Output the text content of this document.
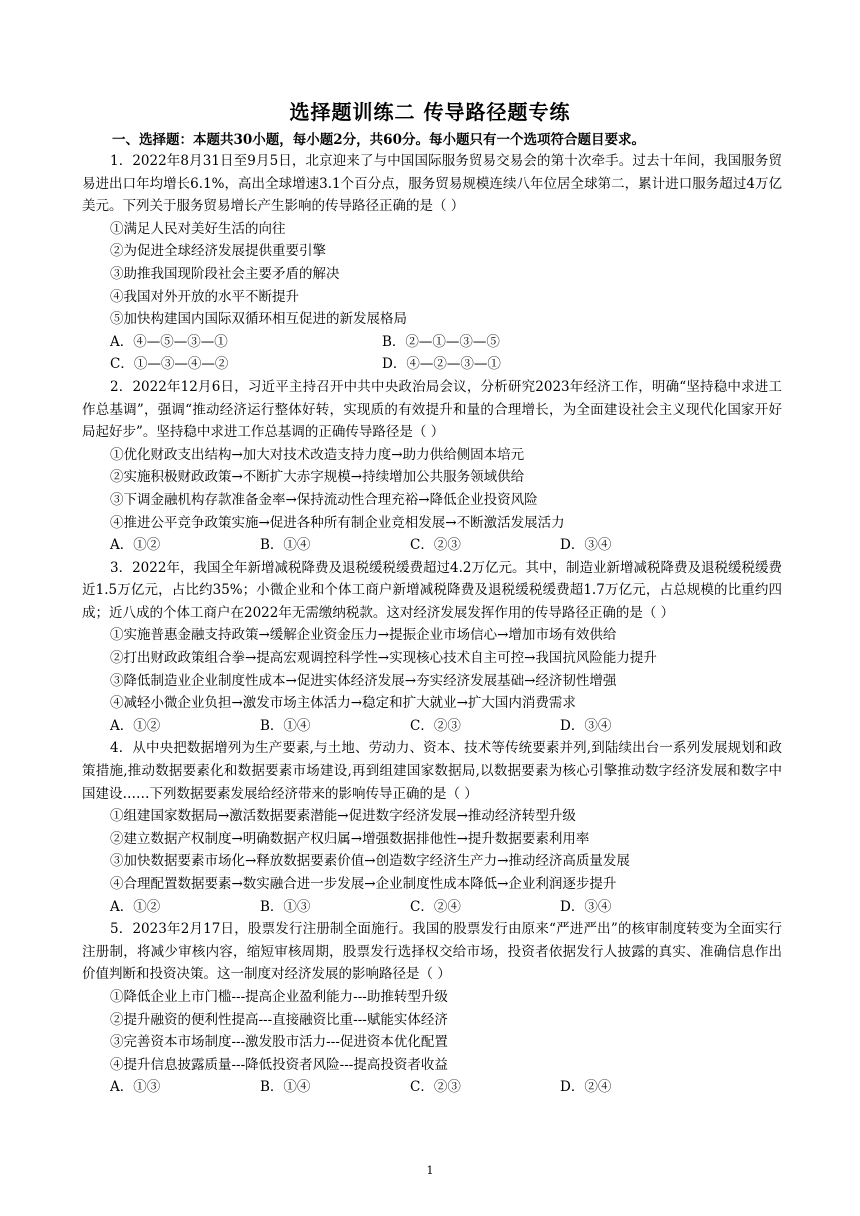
选择题训练二 传导路径题专练
一、选择题：本题共30小题，每小题2分，共60分。每小题只有一个选项符合题目要求。

1．2022年8月31日至9月5日，北京迎来了与中国国际服务贸易交易会的第十次牵手。过去十年间，我国服务贸易进出口年均增长6.1%，高出全球增速3.1个百分点，服务贸易规模连续八年位居全球第二，累计进口服务超过4万亿美元。下列关于服务贸易增长产生影响的传导路径正确的是（ ）

①满足人民对美好生活的向往

②为促进全球经济发展提供重要引擎

③助推我国现阶段社会主要矛盾的解决

④我国对外开放的水平不断提升

⑤加快构建国内国际双循环相互促进的新发展格局

A．④—⑤—③—①	B．②—①—③—⑤
C．①—③—④—②	D．④—②—③—①

2．2022年12月6日，习近平主持召开中共中央政治局会议，分析研究2023年经济工作，明确“坚持稳中求进工作总基调”，强调“推动经济运行整体好转，实现质的有效提升和量的合理增长，为全面建设社会主义现代化国家开好局起好步”。坚持稳中求进工作总基调的正确传导路径是（ ）

①优化财政支出结构→加大对技术改造支持力度→助力供给侧固本培元

②实施积极财政政策→不断扩大赤字规模→持续增加公共服务领域供给

③下调金融机构存款准备金率→保持流动性合理充裕→降低企业投资风险

④推进公平竞争政策实施→促进各种所有制企业竞相发展→不断激活发展活力

A．①②	B．①④	C．②③	D．③④

3．2022年，我国全年新增减税降费及退税缓税缓费超过4.2万亿元。其中，制造业新增减税降费及退税缓税缓费近1.5万亿元，占比约35%；小微企业和个体工商户新增减税降费及退税缓税缓费超1.7万亿元，占总规模的比重约四成；近八成的个体工商户在2022年无需缴纳税款。这对经济发展发挥作用的传导路径正确的是（ ）

①实施普惠金融支持政策→缓解企业资金压力→提振企业市场信心→增加市场有效供给

②打出财政政策组合拳→提高宏观调控科学性→实现核心技术自主可控→我国抗风险能力提升

③降低制造业企业制度性成本→促进实体经济发展→夯实经济发展基础→经济韧性增强

④减轻小微企业负担→激发市场主体活力→稳定和扩大就业→扩大国内消费需求

A．①②	B．①④	C．②③	D．③④

4．从中央把数据增列为生产要素,与土地、劳动力、资本、技术等传统要素并列,到陆续出台一系列发展规划和政策措施,推动数据要素化和数据要素市场建设,再到组建国家数据局,以数据要素为核心引擎推动数字经济发展和数字中国建设……下列数据要素发展给经济带来的影响传导正确的是（ ）

①组建国家数据局→激活数据要素潜能→促进数字经济发展→推动经济转型升级

②建立数据产权制度→明确数据产权归属→增强数据排他性→提升数据要素利用率

③加快数据要素市场化→释放数据要素价值→创造数字经济生产力→推动经济高质量发展

④合理配置数据要素→数实融合进一步发展→企业制度性成本降低→企业利润逐步提升

A．①②	B．①③	C．②④	D．③④

5．2023年2月17日，股票发行注册制全面施行。我国的股票发行由原来“严进严出”的核审制度转变为全面实行注册制，将减少审核内容，缩短审核周期，股票发行选择权交给市场，投资者依据发行人披露的真实、准确信息作出价值判断和投资决策。这一制度对经济发展的影响路径是（ ）

①降低企业上市门槛---提高企业盈利能力---助推转型升级

②提升融资的便利性提高---直接融资比重---赋能实体经济

③完善资本市场制度---激发股市活力---促进资本优化配置

④提升信息披露质量---降低投资者风险---提高投资者收益

A．①③	B．①④	C．②③	D．②④
1
